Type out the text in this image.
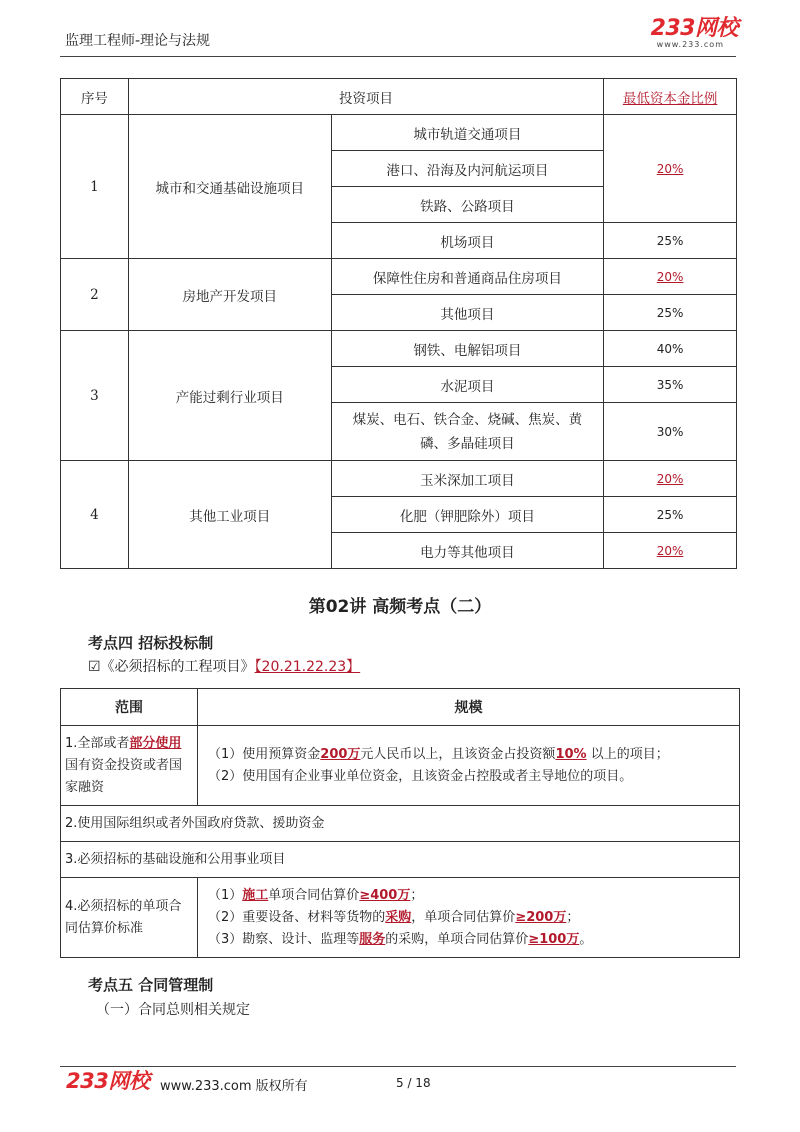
监理工程师-理论与法规	233网校
www.233.com
序号	投资项目		最低资本金比例
1	城市和交通基础设施项目	城市轨道交通项目	20%
		港口、沿海及内河航运项目	
		铁路、公路项目	
		机场项目	25%
2	房地产开发项目	保障性住房和普通商品住房项目	20%
		其他项目	25%
3	产能过剩行业项目	钢铁、电解铝项目	40%
		水泥项目	35%
		煤炭、电石、铁合金、烧碱、焦炭、黄磷、多晶硅项目	30%
4	其他工业项目	玉米深加工项目	20%
		化肥（钾肥除外）项目	25%
		电力等其他项目	20%
第02讲 高频考点（二）
考点四 招标投标制
☑《必须招标的工程项目》【20.21.22.23】
范围	规模
1.全部或者部分使用国有资金投资或者国家融资	（1）使用预算资金200万元人民币以上，且该资金占投资额10% 以上的项目；
（2）使用国有企业事业单位资金，且该资金占控股或者主导地位的项目。

2.使用国际组织或者外国政府贷款、援助资金	
3.必须招标的基础设施和公用事业项目	
4.必须招标的单项合同估算价标准	（1）施工单项合同估算价≥400万；
（2）重要设备、材料等货物的采购，单项合同估算价≥200万；
（3）勘察、设计、监理等服务的采购，单项合同估算价≥100万。
考点五 合同管理制
（一）合同总则相关规定
233网校 www.233.com 版权所有	5 / 18
